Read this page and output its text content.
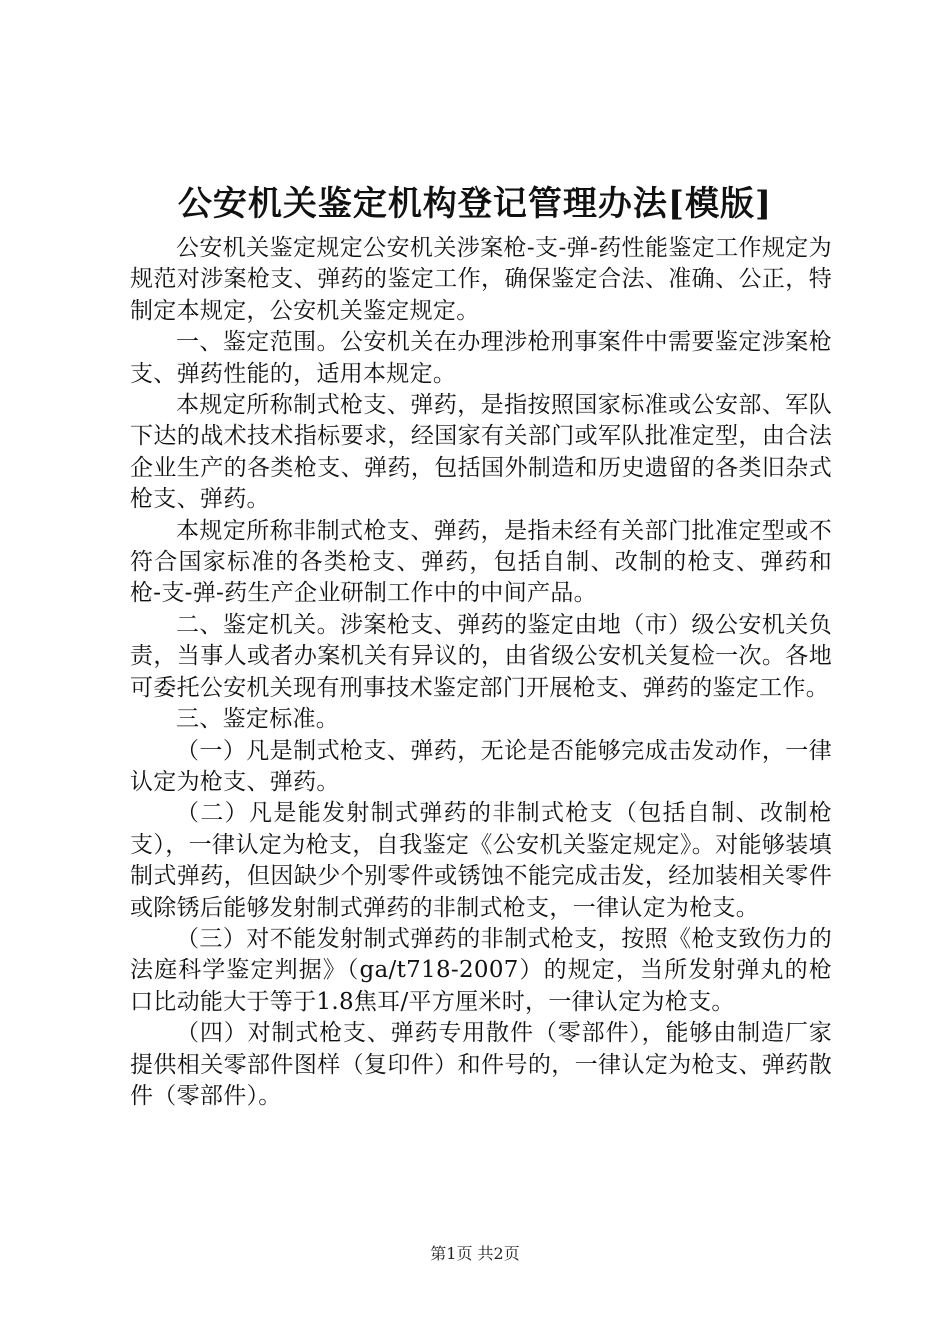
公安机关鉴定机构登记管理办法[模版]

公安机关鉴定规定公安机关涉案枪-支-弹-药性能鉴定工作规定为规范对涉案枪支、弹药的鉴定工作，确保鉴定合法、准确、公正，特制定本规定，公安机关鉴定规定。

一、鉴定范围。公安机关在办理涉枪刑事案件中需要鉴定涉案枪支、弹药性能的，适用本规定。

本规定所称制式枪支、弹药，是指按照国家标准或公安部、军队下达的战术技术指标要求，经国家有关部门或军队批准定型，由合法企业生产的各类枪支、弹药，包括国外制造和历史遗留的各类旧杂式枪支、弹药。

本规定所称非制式枪支、弹药，是指未经有关部门批准定型或不符合国家标准的各类枪支、弹药，包括自制、改制的枪支、弹药和枪-支-弹-药生产企业研制工作中的中间产品。

二、鉴定机关。涉案枪支、弹药的鉴定由地（市）级公安机关负责，当事人或者办案机关有异议的，由省级公安机关复检一次。各地可委托公安机关现有刑事技术鉴定部门开展枪支、弹药的鉴定工作。

三、鉴定标准。

（一）凡是制式枪支、弹药，无论是否能够完成击发动作，一律认定为枪支、弹药。

（二）凡是能发射制式弹药的非制式枪支（包括自制、改制枪支），一律认定为枪支，自我鉴定《公安机关鉴定规定》。对能够装填制式弹药，但因缺少个别零件或锈蚀不能完成击发，经加装相关零件或除锈后能够发射制式弹药的非制式枪支，一律认定为枪支。

（三）对不能发射制式弹药的非制式枪支，按照《枪支致伤力的法庭科学鉴定判据》（ga/t718-2007）的规定，当所发射弹丸的枪口比动能大于等于1.8焦耳/平方厘米时，一律认定为枪支。

（四）对制式枪支、弹药专用散件（零部件），能够由制造厂家提供相关零部件图样（复印件）和件号的，一律认定为枪支、弹药散件（零部件）。

第1页 共2页
